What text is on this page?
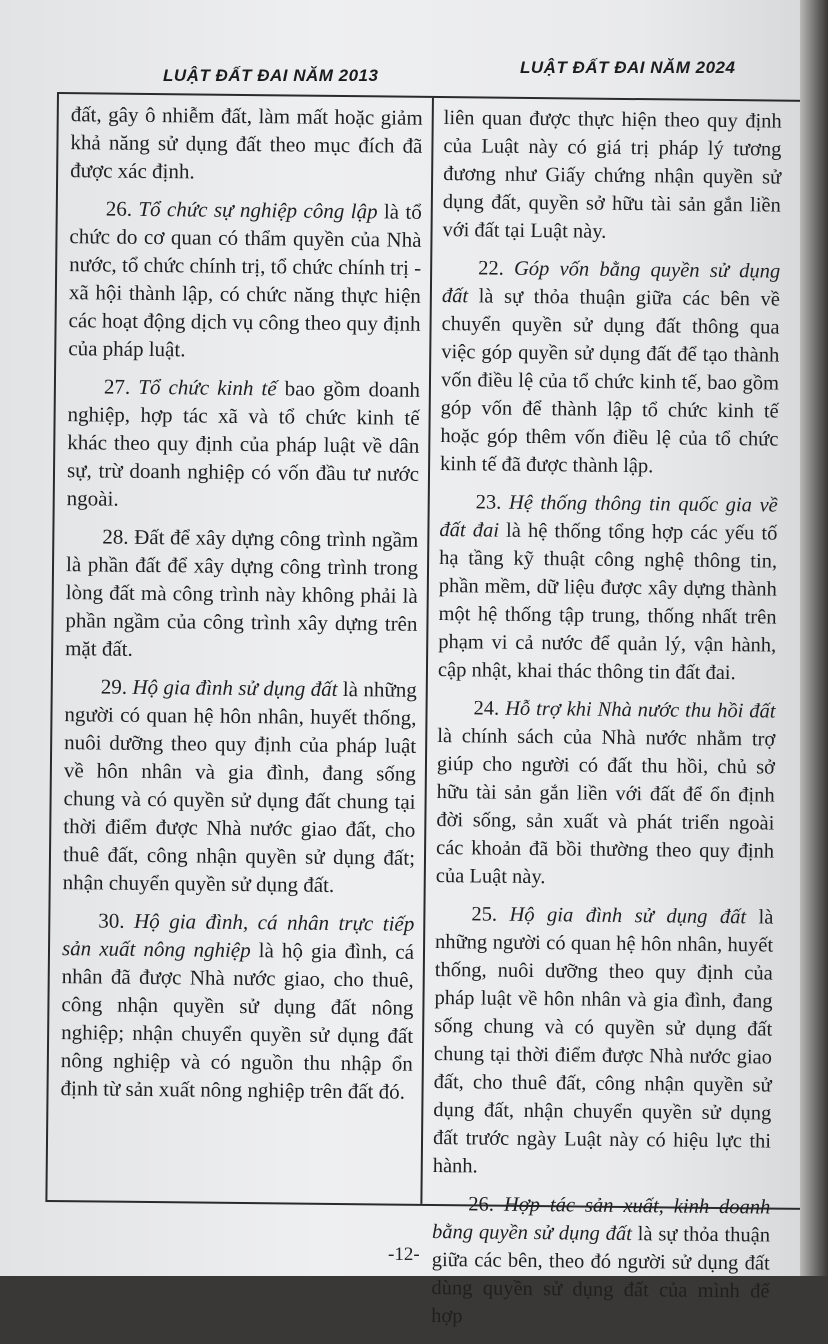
LUẬT ĐẤT ĐAI NĂM 2013	LUẬT ĐẤT ĐAI NĂM 2024

đất, gây ô nhiễm đất, làm mất hoặc giảm khả năng sử dụng đất theo mục đích đã được xác định.

26. Tổ chức sự nghiệp công lập là tổ chức do cơ quan có thẩm quyền của Nhà nước, tổ chức chính trị, tổ chức chính trị - xã hội thành lập, có chức năng thực hiện các hoạt động dịch vụ công theo quy định của pháp luật.

27. Tổ chức kinh tế bao gồm doanh nghiệp, hợp tác xã và tổ chức kinh tế khác theo quy định của pháp luật về dân sự, trừ doanh nghiệp có vốn đầu tư nước ngoài.

28. Đất để xây dựng công trình ngầm là phần đất để xây dựng công trình trong lòng đất mà công trình này không phải là phần ngầm của công trình xây dựng trên mặt đất.

29. Hộ gia đình sử dụng đất là những người có quan hệ hôn nhân, huyết thống, nuôi dưỡng theo quy định của pháp luật về hôn nhân và gia đình, đang sống chung và có quyền sử dụng đất chung tại thời điểm được Nhà nước giao đất, cho thuê đất, công nhận quyền sử dụng đất; nhận chuyển quyền sử dụng đất.

30. Hộ gia đình, cá nhân trực tiếp sản xuất nông nghiệp là hộ gia đình, cá nhân đã được Nhà nước giao, cho thuê, công nhận quyền sử dụng đất nông nghiệp; nhận chuyển quyền sử dụng đất nông nghiệp và có nguồn thu nhập ổn định từ sản xuất nông nghiệp trên đất đó.

liên quan được thực hiện theo quy định của Luật này có giá trị pháp lý tương đương như Giấy chứng nhận quyền sử dụng đất, quyền sở hữu tài sản gắn liền với đất tại Luật này.

22. Góp vốn bằng quyền sử dụng đất là sự thỏa thuận giữa các bên về chuyển quyền sử dụng đất thông qua việc góp quyền sử dụng đất để tạo thành vốn điều lệ của tổ chức kinh tế, bao gồm góp vốn để thành lập tổ chức kinh tế hoặc góp thêm vốn điều lệ của tổ chức kinh tế đã được thành lập.

23. Hệ thống thông tin quốc gia về đất đai là hệ thống tổng hợp các yếu tố hạ tầng kỹ thuật công nghệ thông tin, phần mềm, dữ liệu được xây dựng thành một hệ thống tập trung, thống nhất trên phạm vi cả nước để quản lý, vận hành, cập nhật, khai thác thông tin đất đai.

24. Hỗ trợ khi Nhà nước thu hồi đất là chính sách của Nhà nước nhằm trợ giúp cho người có đất thu hồi, chủ sở hữu tài sản gắn liền với đất để ổn định đời sống, sản xuất và phát triển ngoài các khoản đã bồi thường theo quy định của Luật này.

25. Hộ gia đình sử dụng đất là những người có quan hệ hôn nhân, huyết thống, nuôi dưỡng theo quy định của pháp luật về hôn nhân và gia đình, đang sống chung và có quyền sử dụng đất chung tại thời điểm được Nhà nước giao đất, cho thuê đất, công nhận quyền sử dụng đất, nhận chuyển quyền sử dụng đất trước ngày Luật này có hiệu lực thi hành.

26. Hợp tác sản xuất, kinh doanh bằng quyền sử dụng đất là sự thỏa thuận giữa các bên, theo đó người sử dụng đất dùng quyền sử dụng đất của mình để hợp

-12-
